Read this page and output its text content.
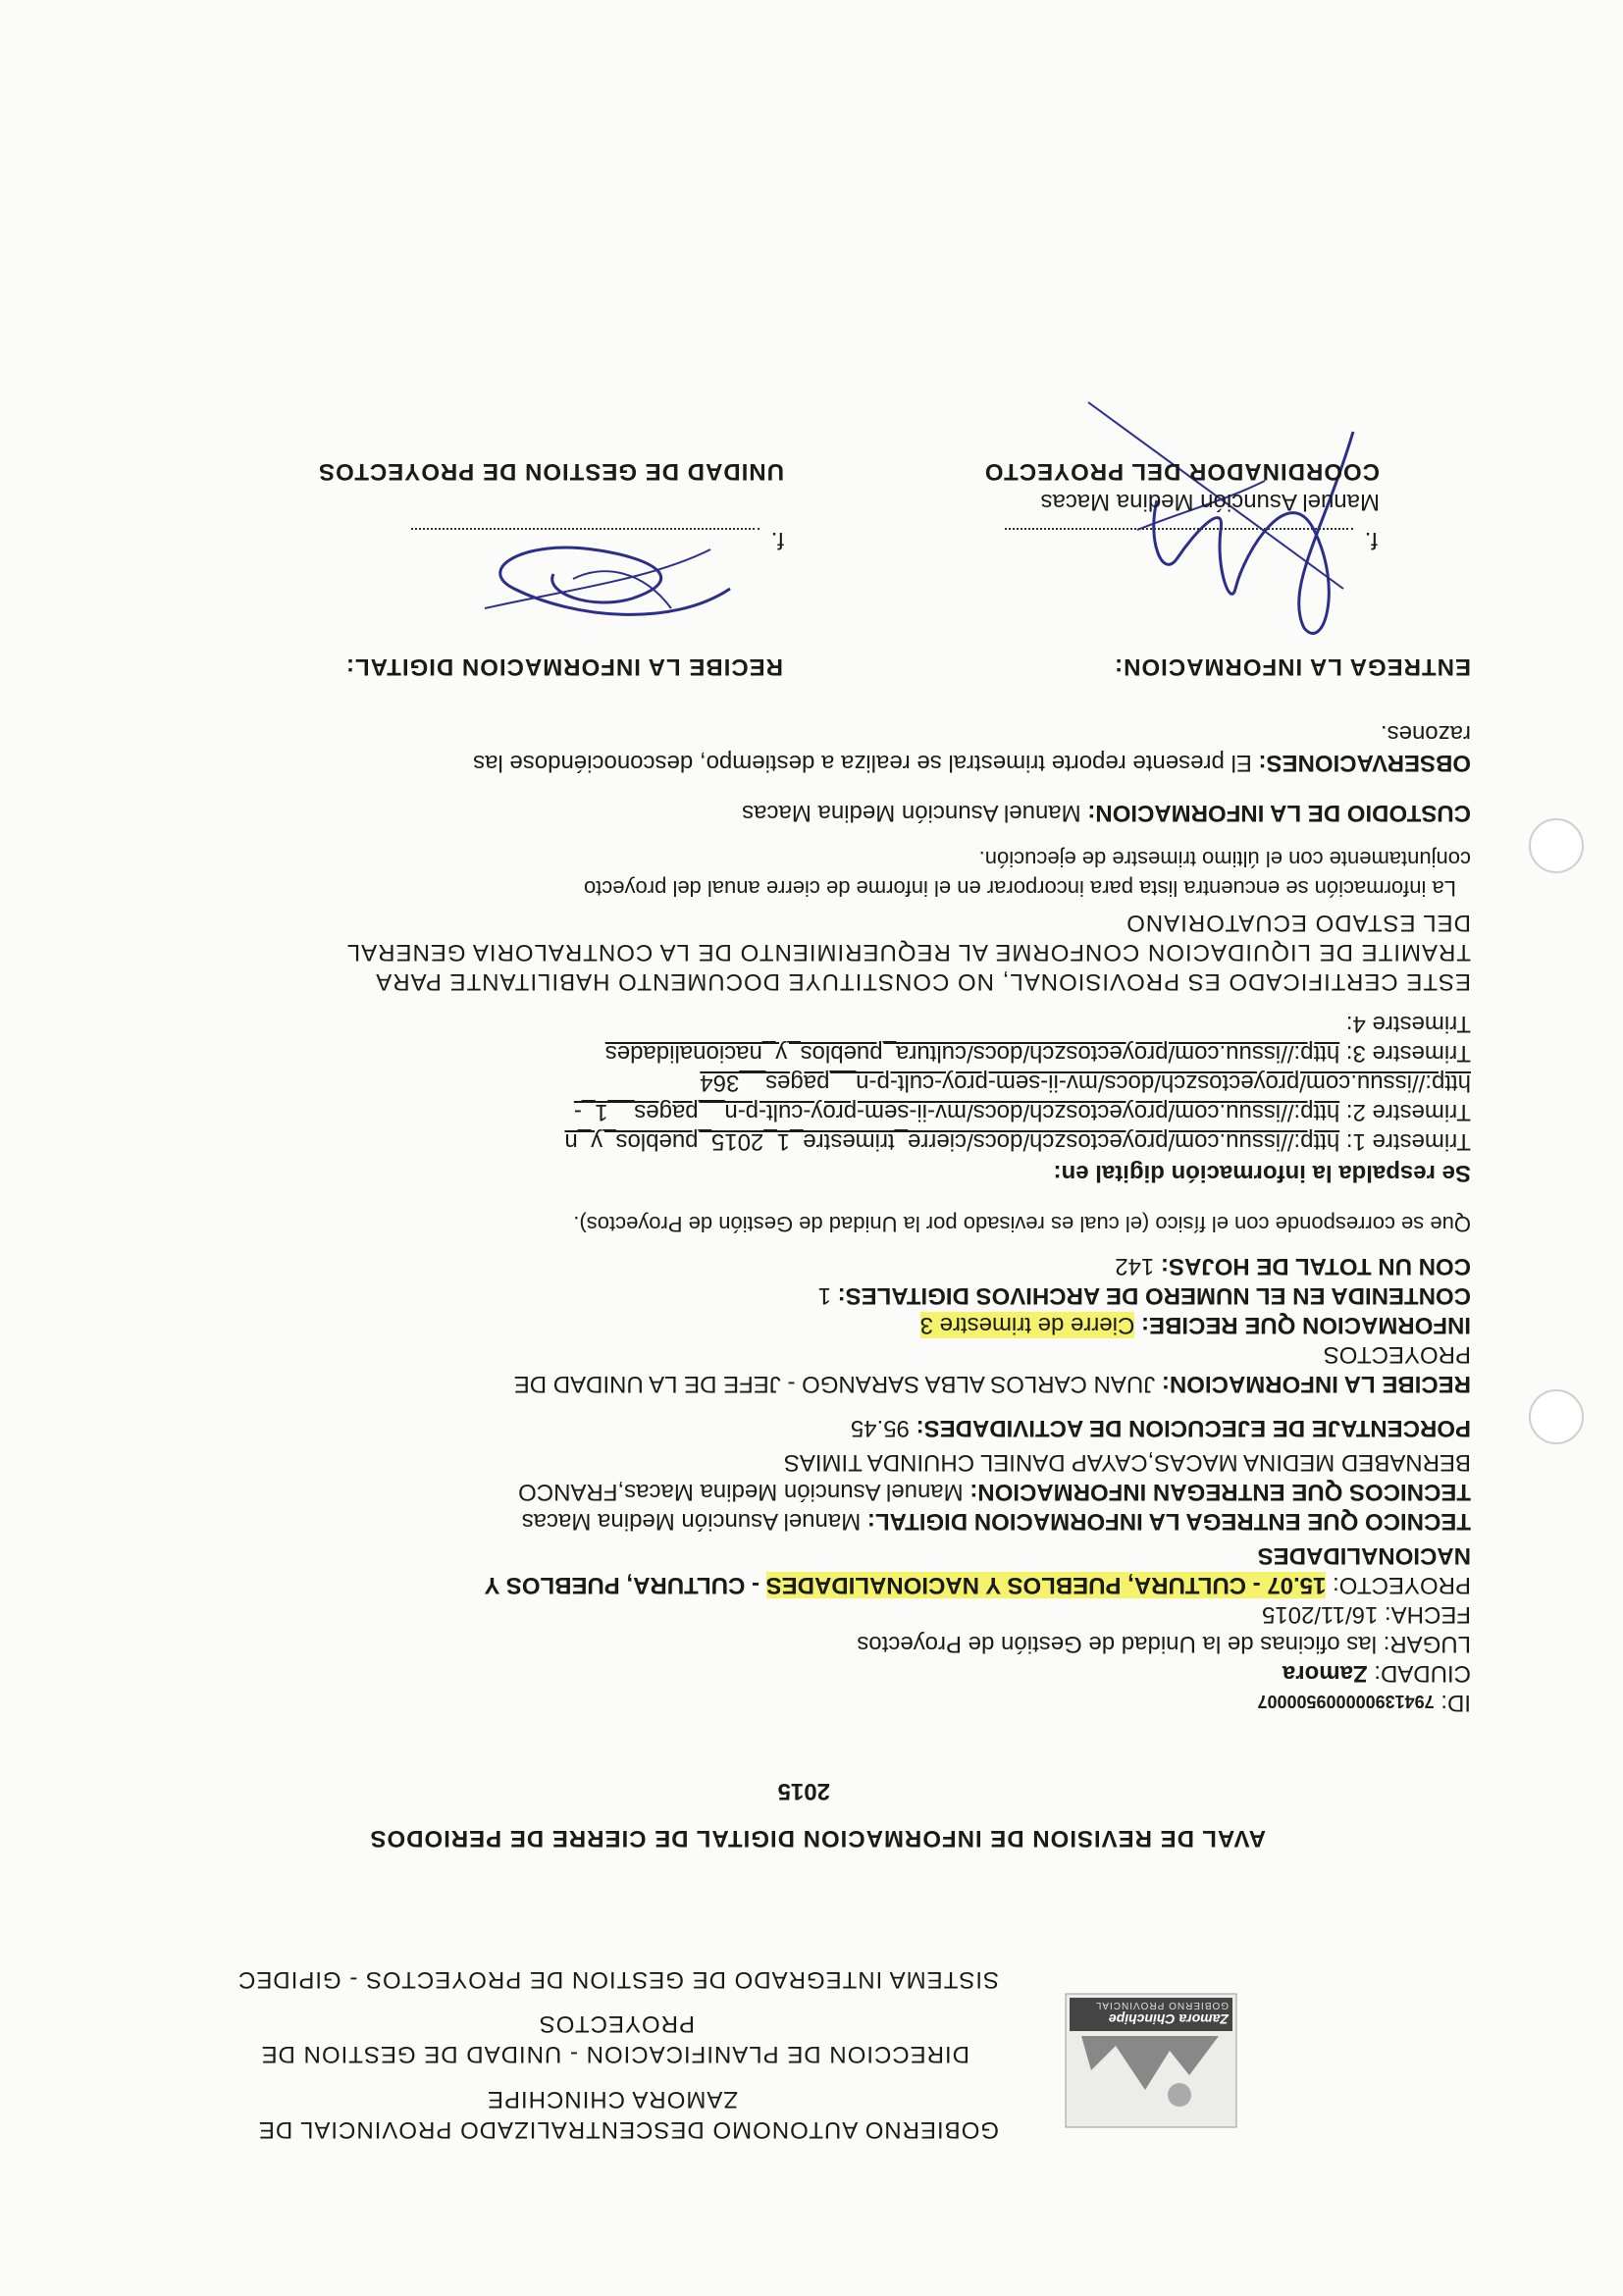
Zamora Chinchipe
GOBIERNO PROVINCIAL
GOBIERNO AUTONOMO DESCENTRALIZADO PROVINCIAL DE
ZAMORA CHINCHIPE
DIRECCION DE PLANIFICACION - UNIDAD DE GESTION DE
PROYECTOS
SISTEMA INTEGRADO DE GESTION DE PROYECTOS - GIPIDEC
AVAL DE REVISION DE INFORMACION DIGITAL DE CIERRE DE PERIODOS
2015
ID: 794139000009500007
CIUDAD: Zamora
LUGAR: las oficinas de la Unidad de Gestión de Proyectos
FECHA: 16/11/2015
PROYECTO: 15.07 - CULTURA, PUEBLOS Y NACIONALIDADES - CULTURA, PUEBLOS Y
NACIONALIDADES
TECNICO QUE ENTREGA LA INFORMACION DIGITAL: Manuel Asunción Medina Macas
TECNICOS QUE ENTREGAN INFORMACION: Manuel Asunción Medina Macas,FRANCO
BERNABED MEDINA MACAS,CAYAP DANIEL CHUINDA TIMIAS
PORCENTAJE DE EJECUCION DE ACTIVIDADES: 95.45
RECIBE LA INFORMACION: JUAN CARLOS ALBA SARANGO - JEFE DE LA UNIDAD DE
PROYECTOS
INFORMACION QUE RECIBE: Cierre de trimestre 3
CONTENIDA EN EL NUMERO DE ARCHIVOS DIGITALES: 1
CON UN TOTAL DE HOJAS: 142
Que se corresponde con el físico (el cual es revisado por la Unidad de Gestión de Proyectos).
Se respalda la información digital en:
Trimestre 1: http://issuu.com/proyectoszch/docs/cierre_trimestre_1_2015_pueblos_y_n
Trimestre 2: http://issuu.com/proyectoszch/docs/mv-ii-sem-proy-cult-p-n__pages__1_-
http://issuu.com/proyectoszch/docs/mv-ii-sem-proy-cult-p-n__pages__364
Trimestre 3: http://issuu.com/proyectoszch/docs/cultura_pueblos_y_nacionalidades
Trimestre 4:
ESTE CERTIFICADO ES PROVISIONAL, NO CONSTITUYE DOCUMENTO HABILITANTE PARA
TRAMITE DE LIQUIDACION CONFORME AL REQUERIMIENTO DE LA CONTRALORIA GENERAL
DEL ESTADO ECUATORIANO
La información se encuentra lista para incorporar en el informe de cierre anual del proyecto
conjuntamente con el último trimestre de ejecución.
CUSTODIO DE LA INFORMACION: Manuel Asunción Medina Macas
OBSERVACIONES: El presente reporte trimestral se realiza a destiempo, desconociéndose las
razones.
ENTREGA LA INFORMACION:
RECIBE LA INFORMACION DIGITAL:
f.
f.
Manuel Asunción Medina Macas
COORDINADOR DEL PROYECTO
UNIDAD DE GESTION DE PROYECTOS
